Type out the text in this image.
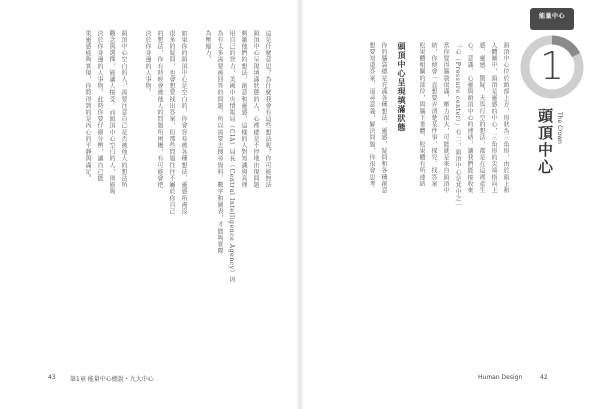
能量中心
1
頭頂中心 The Crown
頭頂中心位於頭部上方，形狀為三角形，由於頭上和
人體圖中，頭頂是靈感的中心，三角形的尖端指向上
感、靈感、驚疑，天馬行空的想法，都是在這裡產生
心。意識、心靈與頭頂中心的連結，讓我們能接收來
「心（Pressure center）」有二，頭頂中心是其中之一
當你覺得腦袋很滿，壓力很大，可能就是來自頭頂中
結，你便會一直想要弄清楚某件事，探究、找答案
松果體相關的部位，與腦下垂體、松果體有所連結
頭頂中心呈現填滿狀態
你的腦袋總是充滿各種想法、靈感、疑問和各種創意
想要知道答案、追尋意義，解決問題，你很會思考
這是什麼意思？為什麼我會有這些想法呢？你可能無法
頭頂中心呈現填滿狀態的人，心裡總是不停地出現問題
刺激他們的想法，創意和靈感，這樣的人對知識與真理
用自己的智力，美國中央情報局（CIA）局長（Central Intelligence Agency）因
為有太多需要被回答的問題，所以需要去搜尋資料、數字和圖表，才能夠實際
為壓縮力。
如果你的頭頂中心是空白的，你會容易被各種想法、靈感所淹沒
很多的疑問，也會想要找出答案，但那些問題往往不屬於你自己
的想法，你有時候會被他人的問題所困擾，有可能會把
決於你身邊的人事物。
頭頂中心空白的人，需要注意自己是否被他人的想法所
觀念與選擇，能讓人接受。而頭頂中心空白的人，則能夠
決於你身邊的人事物，此時你要仔細分辨，讓自己能
果靈感能夠實現，你將得到的是內心的平靜與滿足。
43 第1章 能量中心總說・九大中心	Human Design	42
